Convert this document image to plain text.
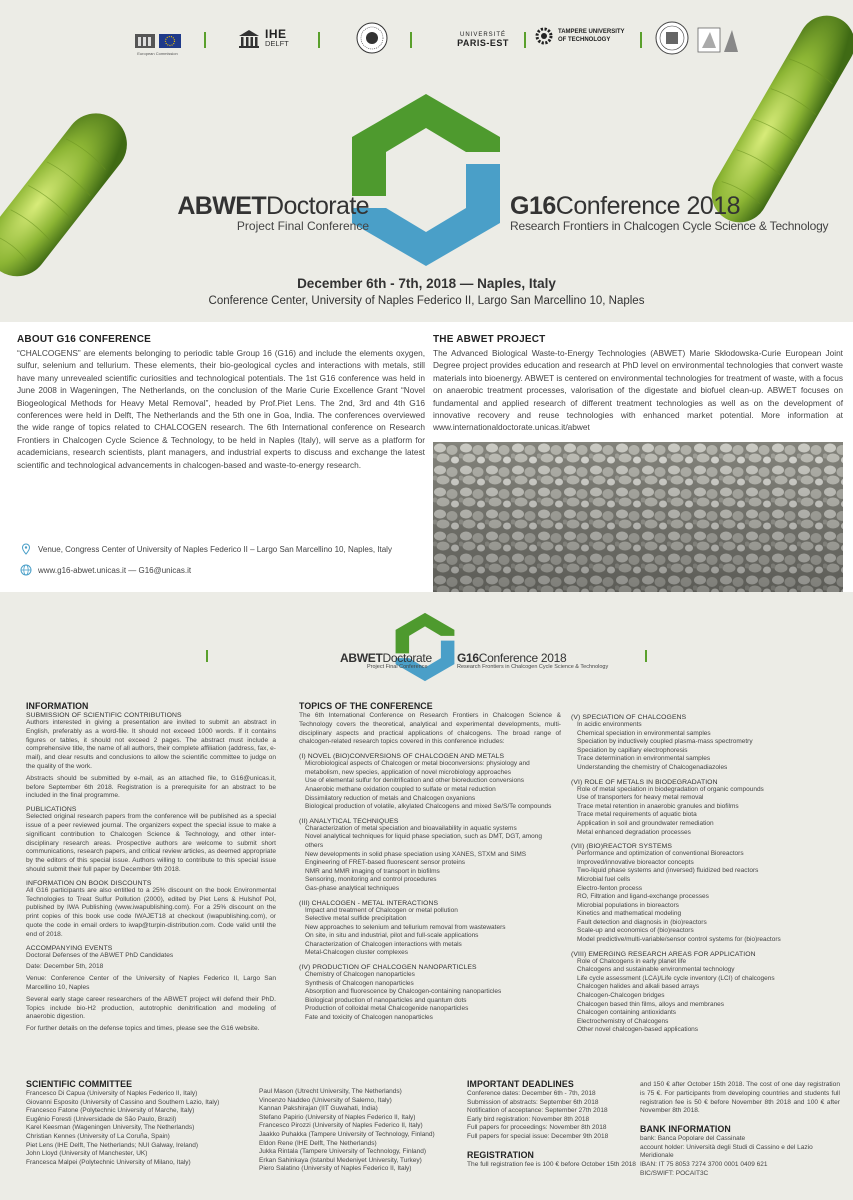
European Commission
IHE
DELFT
UNIVERSITÉ
PARIS-EST
TAMPERE UNIVERSITY
OF TECHNOLOGY
ABWETDoctorate
Project Final Conference
G16Conference 2018
Research Frontiers in Chalcogen Cycle Science & Technology
December 6th - 7th, 2018 — Naples, Italy
Conference Center, University of Naples Federico II, Largo San Marcellino 10, Naples
ABOUT G16 CONFERENCE

“CHALCOGENS” are elements belonging to periodic table Group 16 (G16) and include the elements oxygen, sulfur, selenium and tellurium. These elements, their bio-geological cycles and interactions with metals, still have many unrevealed scientific curiosities and technological potentials. The 1st G16 conference was held in June 2008 in Wageningen, The Netherlands, on the conclusion of the Marie Curie Excellence Grant “Novel Biogeological Methods for Heavy Metal Removal”, headed by Prof.Piet Lens. The 2nd, 3rd and 4th G16 conferences were held in Delft, The Netherlands and the 5th one in Goa, India. The conferences overviewed the wide range of topics related to CHALCOGEN research. The 6th International conference on Research Frontiers in Chalcogen Cycle Science & Technology, to be held in Naples (Italy), will serve as a platform for academicians, research scientists, plant managers, and industrial experts to discuss and exchange the latest scientific and technological advancements in chalcogen-based and waste-to-energy research.

THE ABWET PROJECT

The Advanced Biological Waste-to-Energy Technologies (ABWET) Marie Skłodowska-Curie European Joint Degree project provides education and research at PhD level on environmental technologies that convert waste materials into bioenergy. ABWET is centered on environmental technologies for treatment of waste, with a focus on anaerobic treatment processes, valorisation of the digestate and biofuel clean-up. ABWET focuses on fundamental and applied research of different treatment technologies as well as on the development of innovative recovery and reuse technologies with enhanced market potential. More information at www.internationaldoctorate.unicas.it/abwet

Venue, Congress Center of University of Naples Federico II – Largo San Marcellino 10, Naples, Italy
www.g16-abwet.unicas.it — G16@unicas.it
ABWETDoctorate
Project Final Conference
G16Conference 2018
Research Frontiers in Chalcogen Cycle Science & Technology
INFORMATION
SUBMISSION OF SCIENTIFIC CONTRIBUTIONS

Authors interested in giving a presentation are invited to submit an abstract in English, preferably as a word-file. It should not exceed 1000 words. If it contains figures or tables, it should not exceed 2 pages. The abstract must include a comprehensive title, the name of all authors, their complete affiliation (address, fax, e-mail), and clear results and conclusions to allow the scientific committee to judge on the quality of the work.

Abstracts should be submitted by e-mail, as an attached file, to G16@unicas.it, before September 6th 2018. Registration is a prerequisite for an abstract to be included in the final programme.

PUBLICATIONS

Selected original research papers from the conference will be published as a special issue of a peer reviewed journal. The organizers expect the special issue to make a significant contribution to Chalcogen Science & Technology, and other inter-disciplinary research areas. Prospective authors are welcome to submit short communications, research papers, and critical review articles, as deemed appropriate by the editors of this special issue. Authors willing to contribute to this special issue should submit their full paper by December 9th 2018.

INFORMATION ON BOOK DISCOUNTS

All G16 participants are also entitled to a 25% discount on the book Environmental Technologies to Treat Sulfur Pollution (2000), edited by Piet Lens & Hulshof Pol, published by IWA Publishing (www.iwapublishing.com). For a 25% discount on the print copies of this book use code IWAJET18 at checkout (iwapublishing.com), or quote the code in email orders to iwap@turpin-distribution.com. Code valid until the end of 2018.

ACCOMPANYING EVENTS

Doctoral Defenses of the ABWET PhD Candidates

Date: December 5th, 2018

Venue: Conference Center of the University of Naples Federico II, Largo San Marcellino 10, Naples

Several early stage career researchers of the ABWET project will defend their PhD. Topics include bio-H2 production, autotrophic denitrification and modeling of anaerobic digestion.

For further details on the defense topics and times, please see the G16 website.

TOPICS OF THE CONFERENCE

The 6th International Conference on Research Frontiers in Chalcogen Science & Technology covers the theoretical, analytical and experimental developments, multi-disciplinary aspects and practical applications of chalcogens. The broad range of chalcogen-related research topics covered in this conference includes:

(I) NOVEL (BIO)CONVERSIONS OF CHALCOGEN AND METALS
Microbiological aspects of Chalcogen or metal bioconversions: physiology and metabolism, new species, application of novel microbiology approaches
Use of elemental sulfur for denitrification and other bioreduction conversions
Anaerobic methane oxidation coupled to sulfate or metal reduction
Dissimilatory reduction of metals and Chalcogen oxyanions
Biological production of volatile, alkylated Chalcogens and mixed Se/S/Te compounds
(II) ANALYTICAL TECHNIQUES
Characterization of metal speciation and bioavailability in aquatic systems
Novel analytical techniques for liquid phase speciation, such as DMT, DGT, among others
New developments in solid phase speciation using XANES, STXM and SIMS
Engineering of FRET-based fluorescent sensor proteins
NMR and MMR imaging of transport in biofilms
Sensoring, monitoring and control procedures
Gas-phase analytical techniques
(III) CHALCOGEN - METAL INTERACTIONS
Impact and treatment of Chalcogen or metal pollution
Selective metal sulfide precipitation
New approaches to selenium and tellurium removal from wastewaters
On site, in situ and industrial, pilot and full-scale applications
Characterization of Chalcogen interactions with metals
Metal-Chalcogen cluster complexes
(IV) PRODUCTION OF CHALCOGEN NANOPARTICLES
Chemistry of Chalcogen nanoparticles
Synthesis of Chalcogen nanoparticles
Absorption and fluorescence by Chalcogen-containing nanoparticles
Biological production of nanoparticles and quantum dots
Production of colloidal metal Chalcogenide nanoparticles
Fate and toxicity of Chalcogen nanoparticles
(V) SPECIATION OF CHALCOGENS
In acidic environments
Chemical speciation in environmental samples
Speciation by inductively coupled plasma-mass spectrometry
Speciation by capillary electrophoresis
Trace determination in environmental samples
Understanding the chemistry of Chalcogenadiazoles
(VI) ROLE OF METALS IN BIODEGRADATION
Role of metal speciation in biodegradation of organic compounds
Use of transporters for heavy metal removal
Trace metal retention in anaerobic granules and biofilms
Trace metal requirements of aquatic biota
Application in soil and groundwater remediation
Metal enhanced degradation processes
(VII) (BIO)REACTOR SYSTEMS
Performance and optimization of conventional Bioreactors
Improved/innovative bioreactor concepts
Two-liquid phase systems and (inversed) fluidized bed reactors
Microbial fuel cells
Electro-fenton process
RO, Filtration and ligand-exchange processes
Microbial populations in bioreactors
Kinetics and mathematical modeling
Fault detection and diagnosis in (bio)reactors
Scale-up and economics of (bio)reactors
Model predictive/multi-variable/sensor control systems for (bio)reactors
(VIII) EMERGING RESEARCH AREAS FOR APPLICATION
Role of Chalcogens in early planet life
Chalcogens and sustainable environmental technology
Life cycle assessment (LCA)/Life cycle inventory (LCI) of chalcogens
Chalcogen halides and alkali based arrays
Chalcogen-Chalcogen bridges
Chalcogen based thin films, alloys and membranes
Chalcogen containing antioxidants
Electrochemistry of Chalcogens
Other novel chalcogen-based applications
SCIENTIFIC COMMITTEE
Francesco Di Capua (University of Naples Federico II, Italy)
Giovanni Esposito (University of Cassino and Southern Lazio, Italy)
Francesco Fatone (Polytechnic University of Marche, Italy)
Eugênio Foresti (Universidade de São Paulo, Brazil)
Karel Keesman (Wageningen University, The Netherlands)
Christian Kennes (University of La Coruña, Spain)
Piet Lens (IHE Delft, The Netherlands; NUI Galway, Ireland)
John Lloyd (University of Manchester, UK)
Francesca Malpei (Polytechnic University of Milano, Italy)
Paul Mason (Utrecht University, The Netherlands)
Vincenzo Naddeo (University of Salerno, Italy)
Kannan Pakshirajan (IIT Guwahati, India)
Stefano Papirio (University of Naples Federico II, Italy)
Francesco Pirozzi (University of Naples Federico II, Italy)
Jaakko Puhakka (Tampere University of Technology, Finland)
Eldon Rene (IHE Delft, The Netherlands)
Jukka Rintala (Tampere University of Technology, Finland)
Erkan Sahinkaya (Istanbul Medeniyet University, Turkey)
Piero Salatino (University of Naples Federico II, Italy)
IMPORTANT DEADLINES
Conference dates: December 6th - 7th, 2018
Submission of abstracts: September 6th 2018
Notification of acceptance: September 27th 2018
Early bird registration: November 8th 2018
Full papers for proceedings: November 8th 2018
Full papers for special issue: December 9th 2018
REGISTRATION

The full registration fee is 100 € before October 15th 2018

and 150 € after October 15th 2018. The cost of one day registration is 75 €. For participants from developing countries and students full registration fee is 50 € before November 8th 2018 and 100 € after November 8th 2018.

BANK INFORMATION
bank: Banca Popolare del Cassinate
account holder: Università degli Studi di Cassino e del Lazio Meridionale
IBAN: IT 75 8053 7274 3700 0001 0409 621
BIC/SWIFT: POCAIT3C
